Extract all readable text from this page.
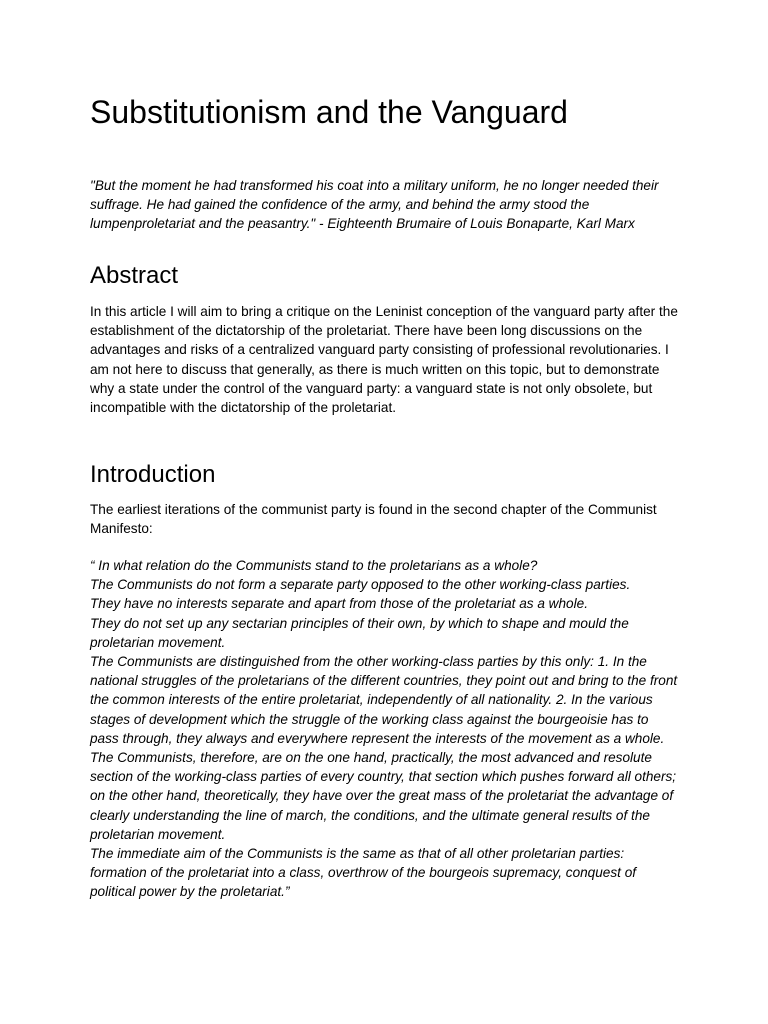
Substitutionism and the Vanguard

"But the moment he had transformed his coat into a military uniform, he no longer needed their suffrage. He had gained the confidence of the army, and behind the army stood the lumpenproletariat and the peasantry." - Eighteenth Brumaire of Louis Bonaparte, Karl Marx

Abstract

In this article I will aim to bring a critique on the Leninist conception of the vanguard party after the establishment of the dictatorship of the proletariat. There have been long discussions on the advantages and risks of a centralized vanguard party consisting of professional revolutionaries. I am not here to discuss that generally, as there is much written on this topic, but to demonstrate why a state under the control of the vanguard party: a vanguard state is not only obsolete, but incompatible with the dictatorship of the proletariat.

Introduction

The earliest iterations of the communist party is found in the second chapter of the Communist Manifesto:

“ In what relation do the Communists stand to the proletarians as a whole?
The Communists do not form a separate party opposed to the other working-class parties.
They have no interests separate and apart from those of the proletariat as a whole.
They do not set up any sectarian principles of their own, by which to shape and mould the proletarian movement.
The Communists are distinguished from the other working-class parties by this only: 1. In the national struggles of the proletarians of the different countries, they point out and bring to the front the common interests of the entire proletariat, independently of all nationality. 2. In the various stages of development which the struggle of the working class against the bourgeoisie has to pass through, they always and everywhere represent the interests of the movement as a whole.
The Communists, therefore, are on the one hand, practically, the most advanced and resolute section of the working-class parties of every country, that section which pushes forward all others; on the other hand, theoretically, they have over the great mass of the proletariat the advantage of clearly understanding the line of march, the conditions, and the ultimate general results of the proletarian movement.
The immediate aim of the Communists is the same as that of all other proletarian parties: formation of the proletariat into a class, overthrow of the bourgeois supremacy, conquest of political power by the proletariat.”
